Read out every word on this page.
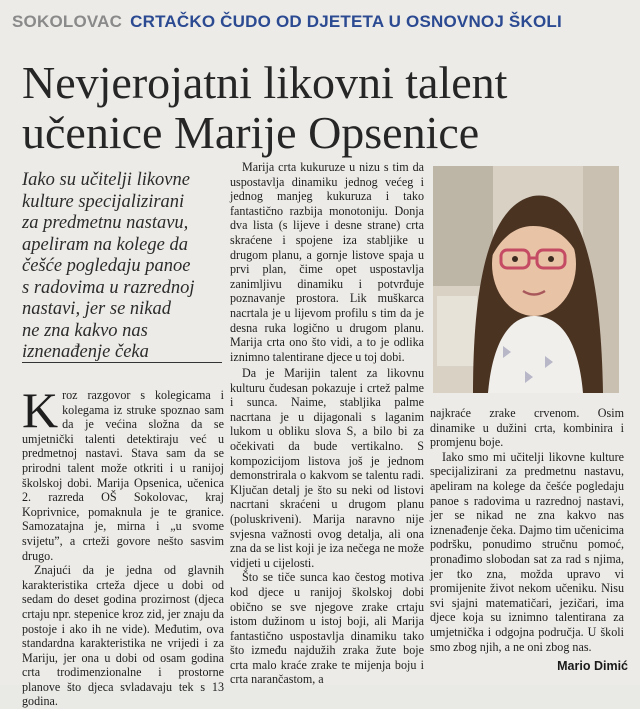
SOKOLOVAC CRTAČKO ČUDO OD DJETETA U OSNOVNOJ ŠKOLI
Nevjerojatni likovni talent
učenice Marije Opsenice
Iako su učitelji likovne
kulture specijalizirani
za predmetnu nastavu,
apeliram na kolege da
češće pogledaju panoe
s radovima u razrednoj
nastavi, jer se nikad
ne zna kakvo nas
iznenađenje čeka

Kroz razgovor s kolegicama i kolegama iz struke spoznao sam da je većina složna da se umjetnički talenti detektiraju već u predmetnoj nastavi. Stava sam da se prirodni talent može otkriti i u ranijoj školskoj dobi. Marija Opsenica, učenica 2. razreda OŠ Sokolovac, kraj Koprivnice, pomaknula je te granice. Samozatajna je, mirna i „u svome svijetu”, a crteži govore nešto sasvim drugo.

Znajući da je jedna od glavnih karakteristika crteža djece u dobi od sedam do deset godina prozirnost (djeca crtaju npr. stepenice kroz zid, jer znaju da postoje i ako ih ne vide). Međutim, ova standardna karakteristika ne vrijedi i za Mariju, jer ona u dobi od osam godina crta trodimenzionalne i prostorne planove što djeca svladavaju tek s 13 godina.

Marija crta kukuruze u nizu s tim da uspostavlja dinamiku jednog većeg i jednog manjeg kukuruza i tako fantastično razbija monotoniju. Donja dva lista (s lijeve i desne strane) crta skraćene i spojene iza stabljike u drugom planu, a gornje listove spaja u prvi plan, čime opet uspostavlja zanimljivu dinamiku i potvrđuje poznavanje prostora. Lik muškarca nacrtala je u lijevom profilu s tim da je desna ruka logično u drugom planu. Marija crta ono što vidi, a to je odlika iznimno talentirane djece u toj dobi.

Da je Marijin talent za likovnu kulturu čudesan pokazuje i crtež palme i sunca. Naime, stabljika palme nacrtana je u dijagonali s laganim lukom u obliku slova S, a bilo bi za očekivati da bude vertikalno. S kompozicijom listova još je jednom demonstrirala o kakvom se talentu radi. Ključan detalj je što su neki od listovi nacrtani skraćeni u drugom planu (poluskriveni). Marija naravno nije svjesna važnosti ovog detalja, ali ona zna da se list koji je iza nečega ne može vidjeti u cijelosti.

Što se tiče sunca kao čestog motiva kod djece u ranijoj školskoj dobi obično se sve njegove zrake crtaju istom dužinom u istoj boji, ali Marija fantastično uspostavlja dinamiku tako što između najdužih zraka žute boje crta malo kraće zrake te mijenja boju i crta narančastom, a

najkraće zrake crvenom. Osim dinamike u dužini crta, kombinira i promjenu boje.

Iako smo mi učitelji likovne kulture specijalizirani za predmetnu nastavu, apeliram na kolege da češće pogledaju panoe s radovima u razrednoj nastavi, jer se nikad ne zna kakvo nas iznenađenje čeka. Dajmo tim učenicima podršku, ponudimo stručnu pomoć, pronađimo slobodan sat za rad s njima, jer tko zna, možda upravo vi promijenite život nekom učeniku. Nisu svi sjajni matematičari, jezičari, ima djece koja su iznimno talentirana za umjetnička i odgojna područja. U školi smo zbog njih, a ne oni zbog nas.

Mario Dimić
